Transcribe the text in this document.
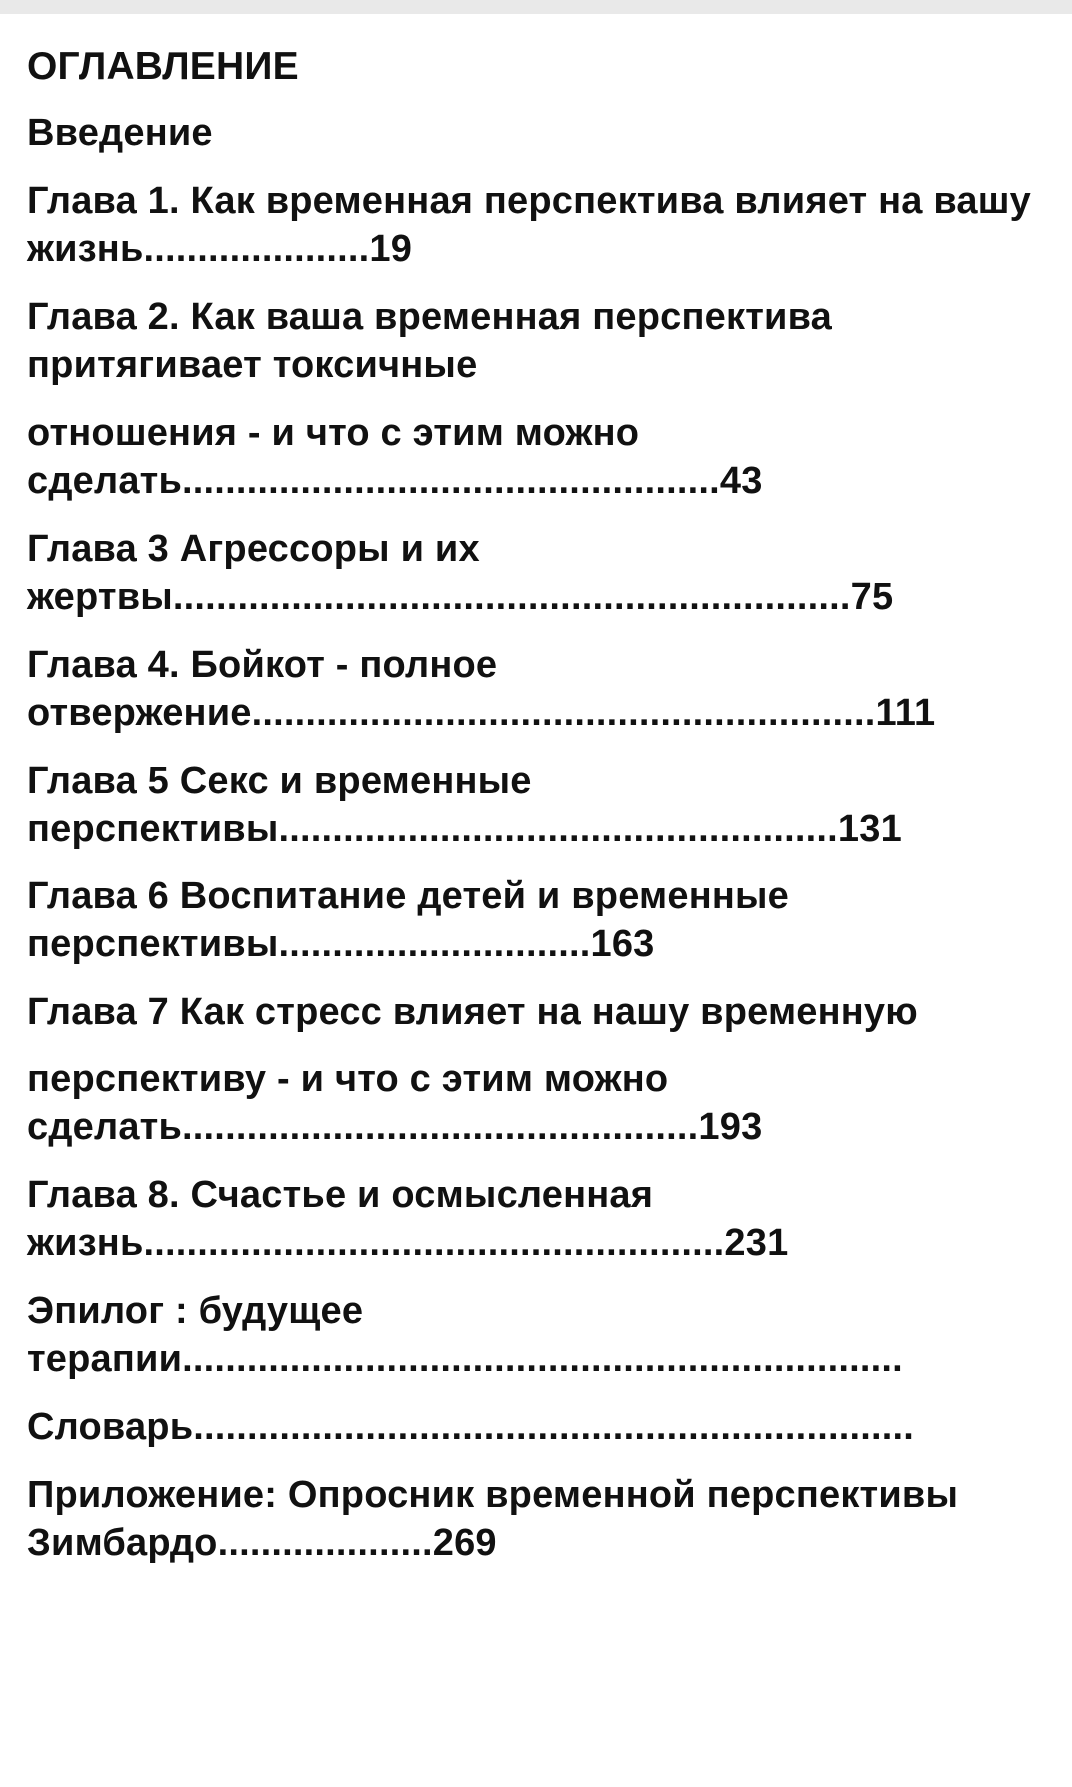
ОГЛАВЛЕНИЕ
Введение
Глава 1. Как временная перспектива влияет на вашу
жизнь.....................19
Глава 2. Как ваша временная перспектива
притягивает токсичные
отношения - и что с этим можно
сделать..................................................43
Глава 3 Агрессоры и их
жертвы...............................................................75
Глава 4. Бойкот - полное
отвержение..........................................................111
Глава 5 Секс и временные
перспективы....................................................131
Глава 6 Воспитание детей и временные
перспективы.............................163
Глава 7 Как стресс влияет на нашу временную
перспективу - и что с этим можно
сделать................................................193
Глава 8. Счастье и осмысленная
жизнь......................................................231
Эпилог : будущее
терапии...................................................................
Словарь...................................................................
Приложение: Опросник временной перспективы
Зимбардо....................269
